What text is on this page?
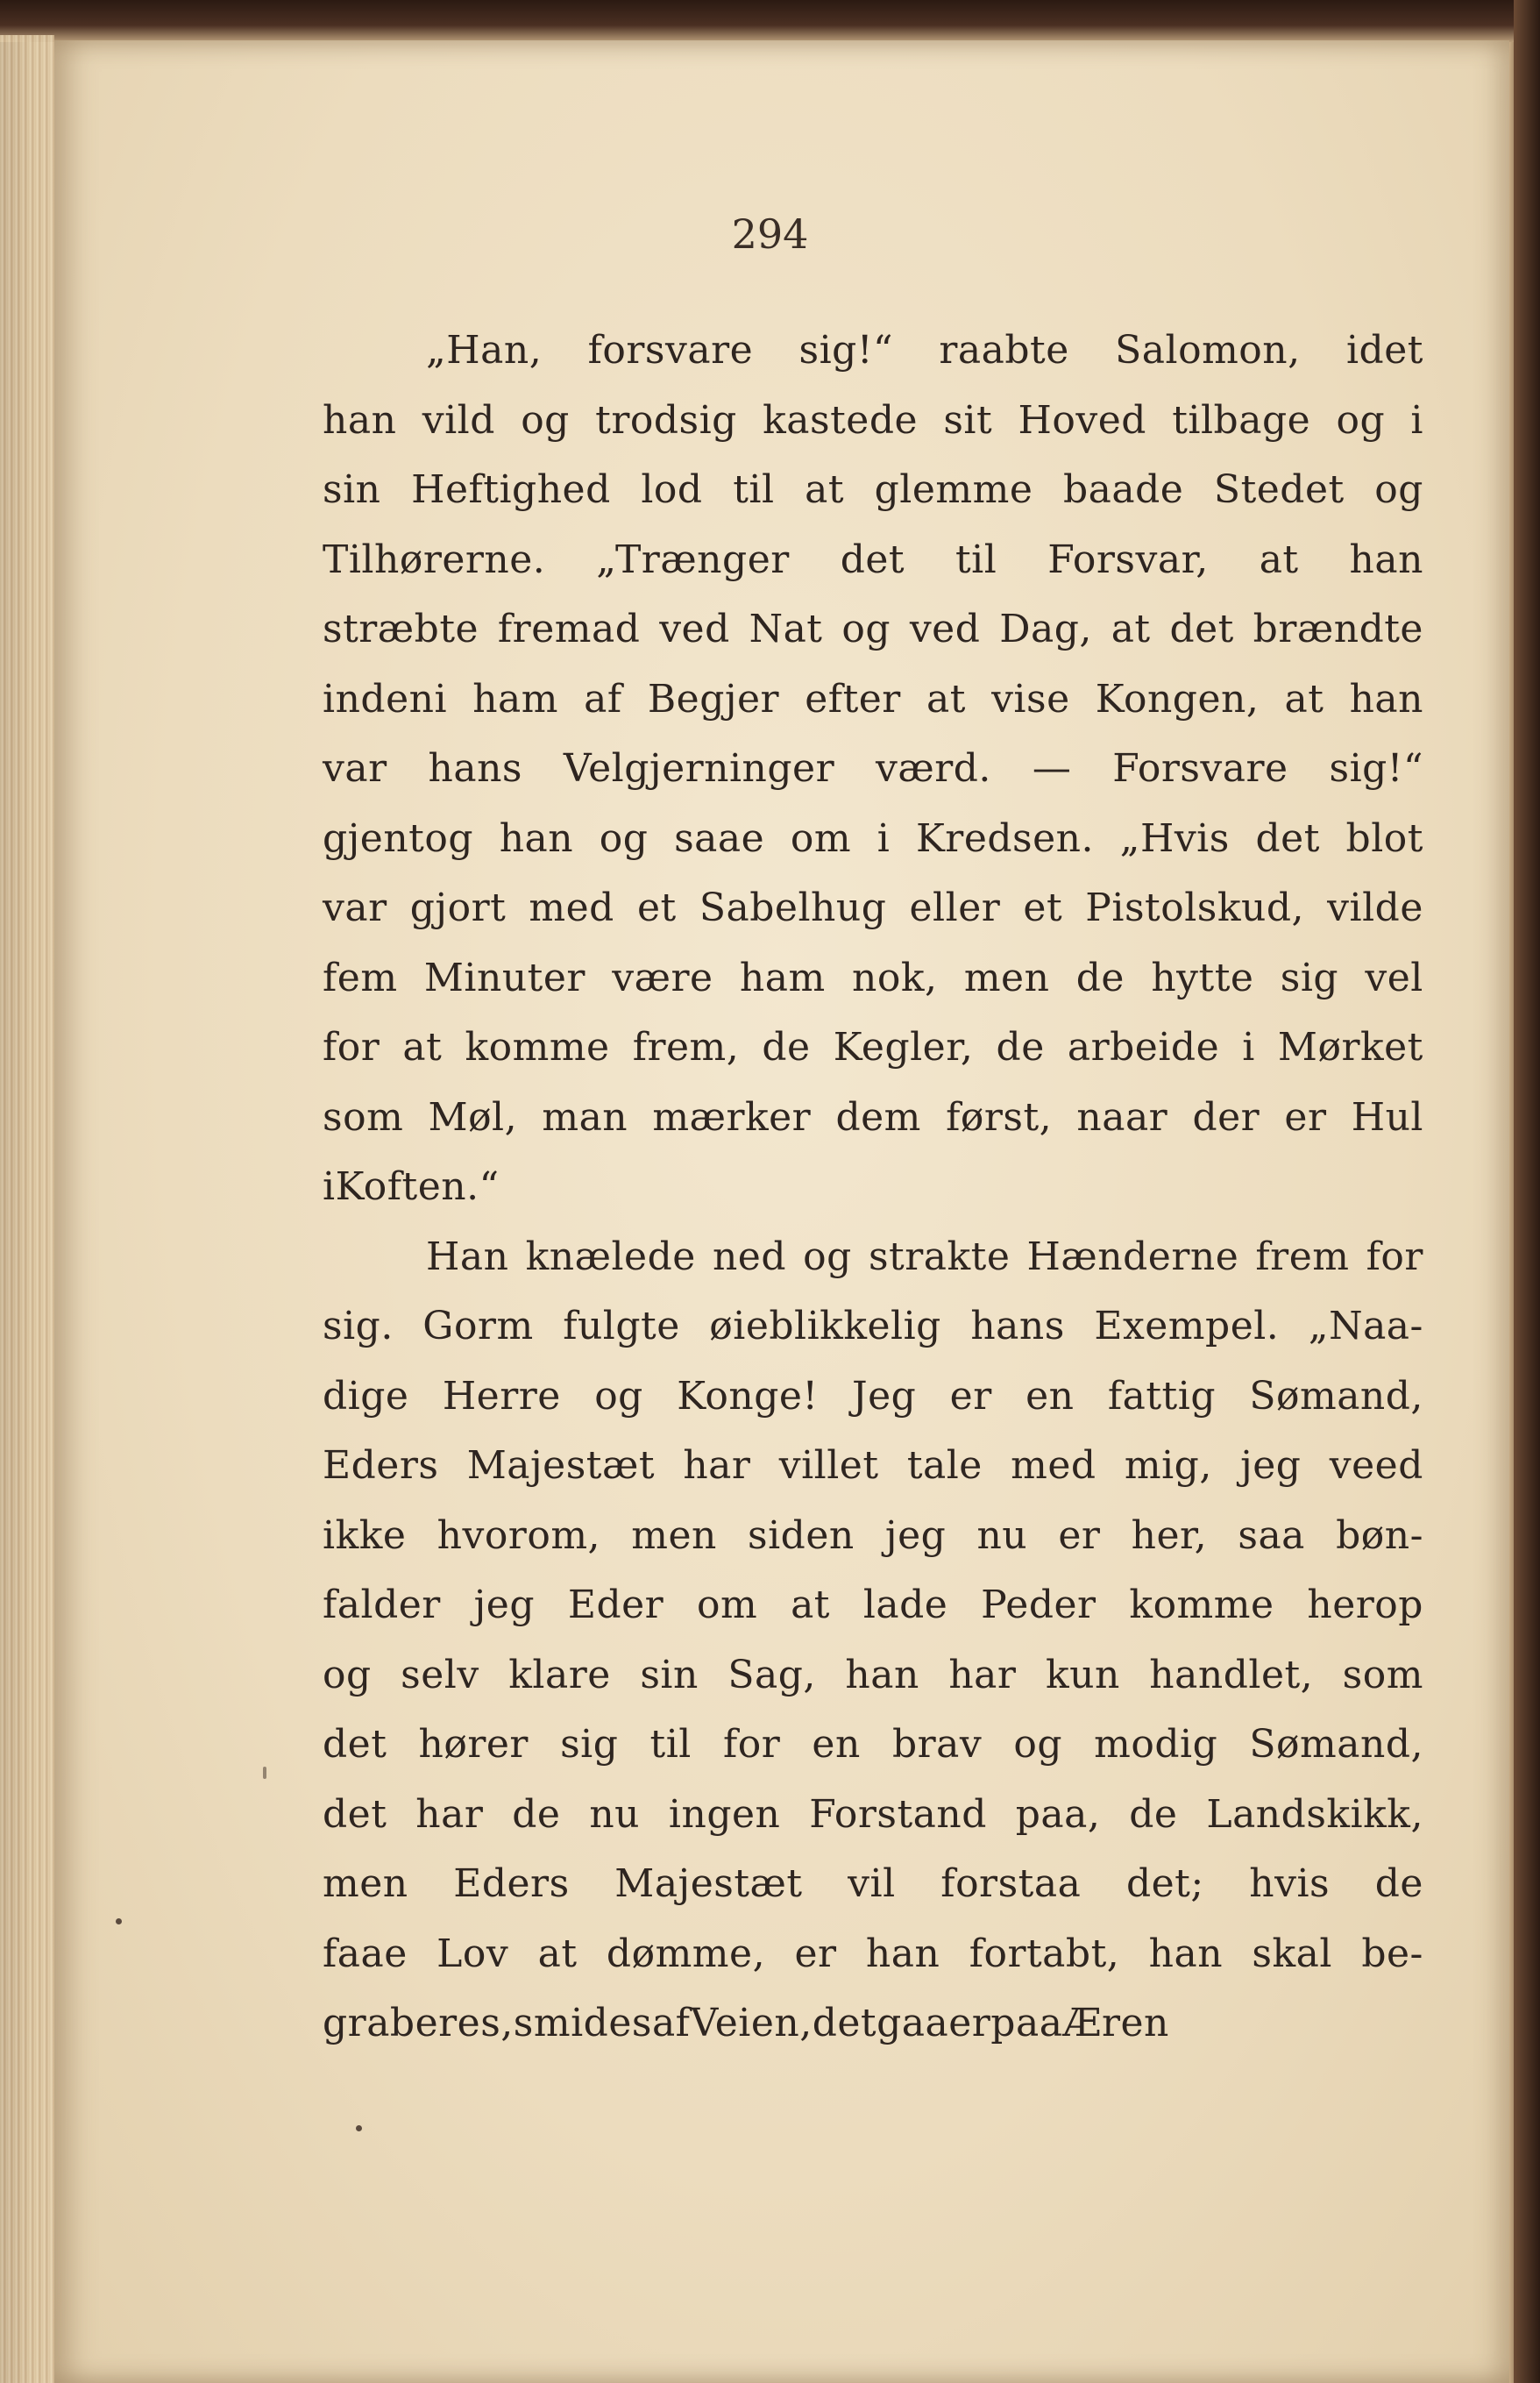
294
„Han, forsvare sig!“ raabte Salomon, idet
han vild og trodsig kastede sit Hoved tilbage og i
sin Heftighed lod til at glemme baade Stedet og
Tilhørerne. „Trænger det til Forsvar, at han
stræbte fremad ved Nat og ved Dag, at det brændte
indeni ham af Begjer efter at vise Kongen, at han
var hans Velgjerninger værd. — Forsvare sig!“
gjentog han og saae om i Kredsen. „Hvis det blot
var gjort med et Sabelhug eller et Pistolskud, vilde
fem Minuter være ham nok, men de hytte sig vel
for at komme frem, de Kegler, de arbeide i Mørket
som Møl, man mærker dem først, naar der er Hul
i Koften.“
Han knælede ned og strakte Hænderne frem for
sig. Gorm fulgte øieblikkelig hans Exempel. „Naa-
dige Herre og Konge! Jeg er en fattig Sømand,
Eders Majestæt har villet tale med mig, jeg veed
ikke hvorom, men siden jeg nu er her, saa bøn-
falder jeg Eder om at lade Peder komme herop
og selv klare sin Sag, han har kun handlet, som
det hører sig til for en brav og modig Sømand,
det har de nu ingen Forstand paa, de Landskikk,
men Eders Majestæt vil forstaa det; hvis de
faae Lov at dømme, er han fortabt, han skal be-
graberes, smides af Veien, det gaaer paa Æren
